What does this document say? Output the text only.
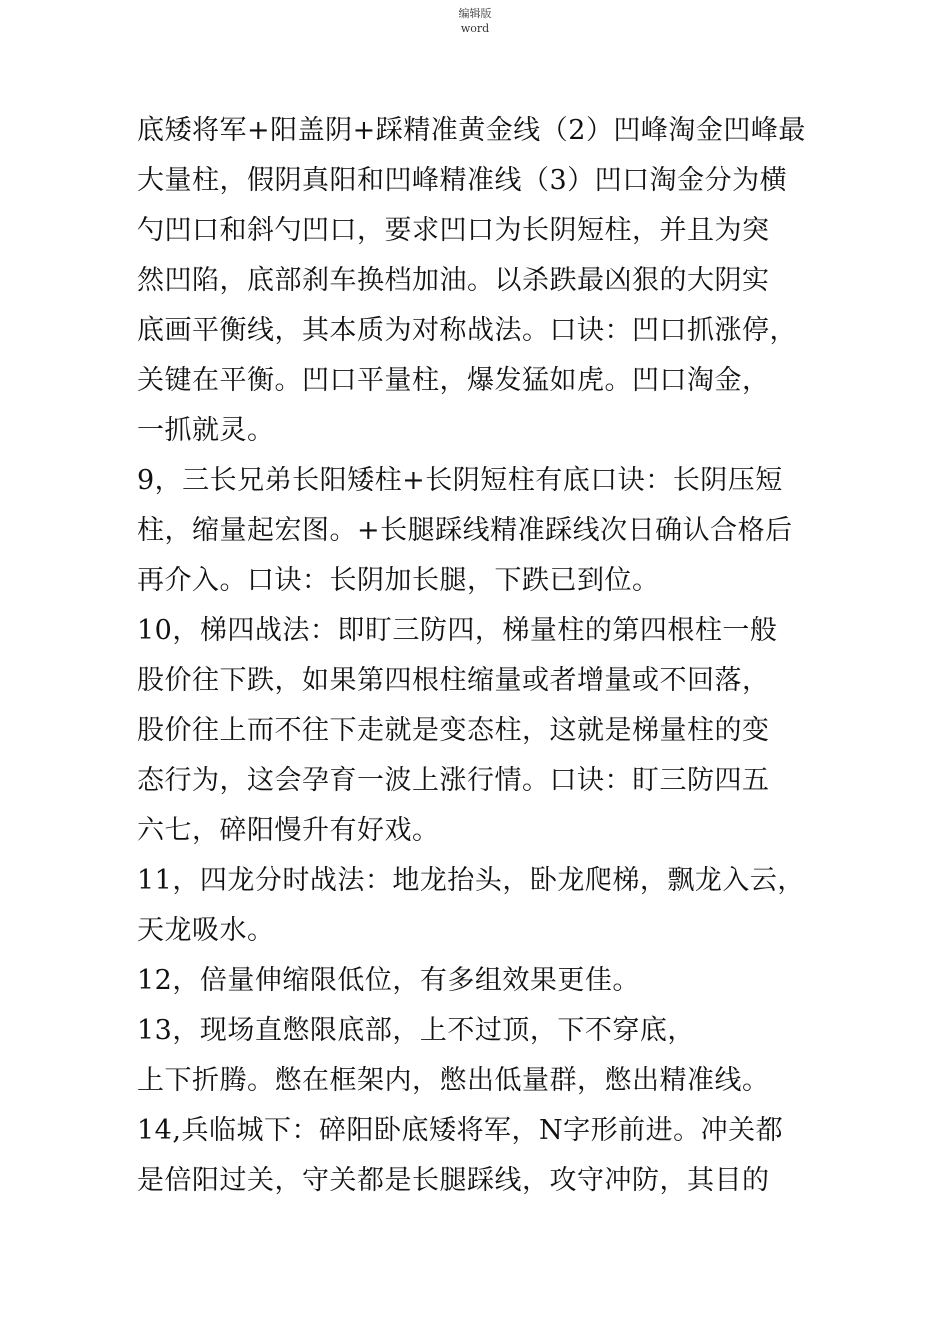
编辑版
word
底矮将军+阳盖阴+踩精准黄金线（2）凹峰淘金凹峰最
大量柱，假阴真阳和凹峰精准线（3）凹口淘金分为横
勺凹口和斜勺凹口，要求凹口为长阴短柱，并且为突
然凹陷，底部刹车换档加油。以杀跌最凶狠的大阴实
底画平衡线，其本质为对称战法。口诀：凹口抓涨停，
关键在平衡。凹口平量柱，爆发猛如虎。凹口淘金，
一抓就灵。
9，三长兄弟长阳矮柱+长阴短柱有底口诀：长阴压短
柱，缩量起宏图。+长腿踩线精准踩线次日确认合格后
再介入。口诀：长阴加长腿，下跌已到位。
10，梯四战法：即盯三防四，梯量柱的第四根柱一般
股价往下跌，如果第四根柱缩量或者增量或不回落，
股价往上而不往下走就是变态柱，这就是梯量柱的变
态行为，这会孕育一波上涨行情。口诀：盯三防四五
六七，碎阳慢升有好戏。
11，四龙分时战法：地龙抬头，卧龙爬梯，飘龙入云，
天龙吸水。
12，倍量伸缩限低位，有多组效果更佳。
13，现场直憋限底部，上不过顶，下不穿底，
上下折腾。憋在框架内，憋出低量群，憋出精准线。
14,兵临城下：碎阳卧底矮将军，N字形前进。冲关都
是倍阳过关，守关都是长腿踩线，攻守冲防，其目的
